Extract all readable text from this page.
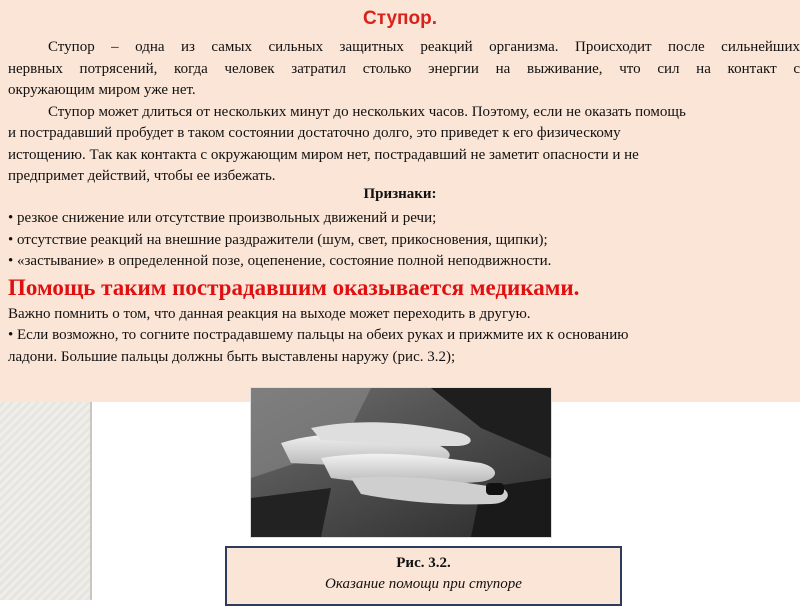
Ступор.
Ступор – одна из самых сильных защитных реакций организма. Происходит после сильнейших
нервных потрясений, когда человек затратил столько энергии на выживание, что сил на контакт с
окружающим миром уже нет.
Ступор может длиться от нескольких минут до нескольких часов. Поэтому, если не оказать помощь
и пострадавший пробудет в таком состоянии достаточно долго, это приведет к его физическому
истощению. Так как контакта с окружающим миром нет, пострадавший не заметит опасности и не
предпримет действий, чтобы ее избежать.
Признаки:
• резкое снижение или отсутствие произвольных движений и речи;
• отсутствие реакций на внешние раздражители (шум, свет, прикосновения, щипки);
• «застывание» в определенной позе, оцепенение, состояние полной неподвижности.
Помощь таким пострадавшим оказывается медиками.
Важно помнить о том, что данная реакция на выходе может переходить в другую.
• Если возможно, то согните пострадавшему пальцы на обеих руках и прижмите их к основанию
ладони. Большие пальцы должны быть выставлены наружу (рис. 3.2);
Рис. 3.2.
Оказание помощи при ступоре
